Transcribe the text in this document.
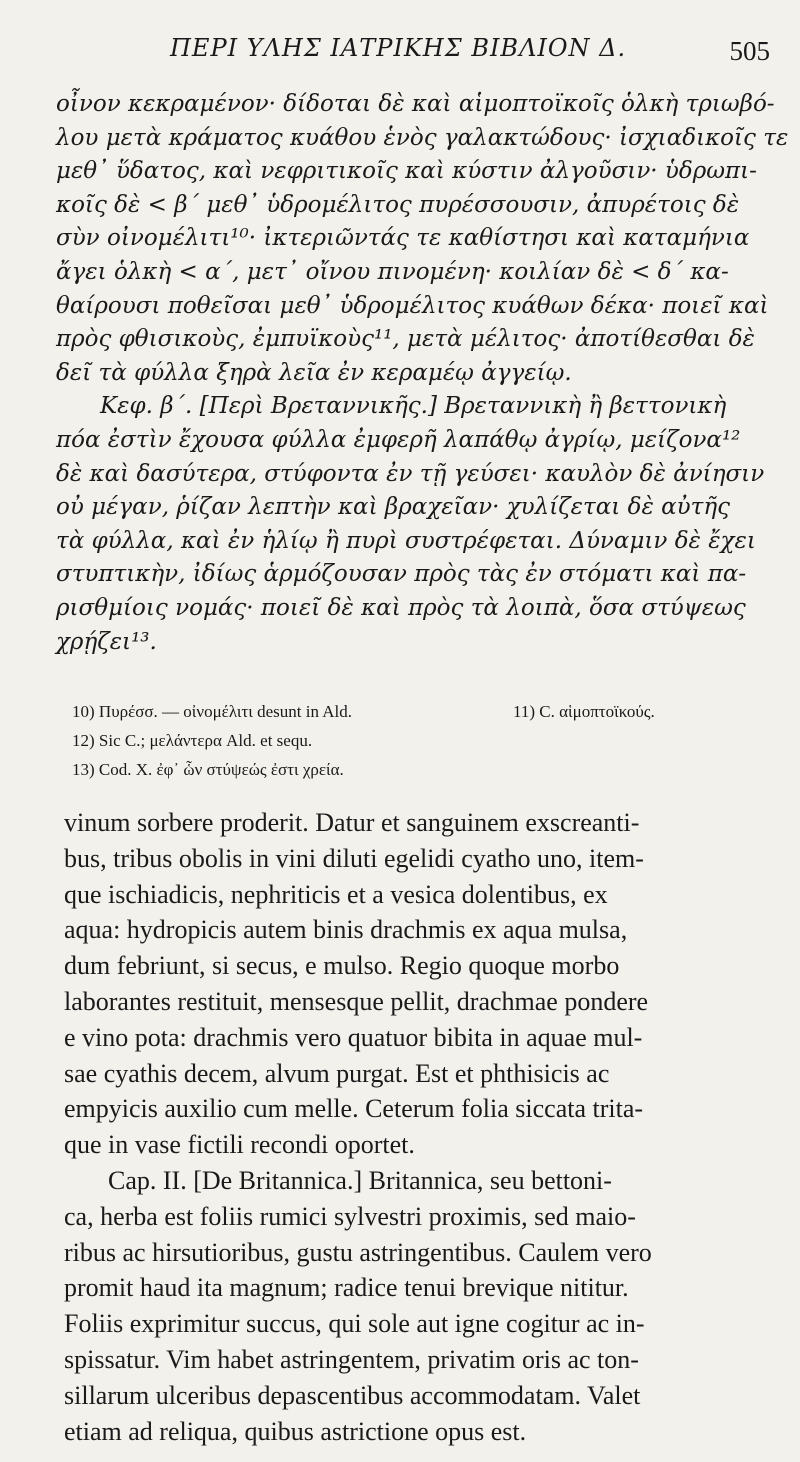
ΠΕΡΙ ΥΛΗΣ ΙΑΤΡΙΚΗΣ ΒΙΒΛΙΟΝ Δ.	505
οἶνον κεκραμένον· δίδοται δὲ καὶ αἱμοπτοϊκοῖς ὁλκὴ τριωβό-
λου μετὰ κράματος κυάθου ἑνὸς γαλακτώδους· ἰσχιαδικοῖς τε
μεθ᾽ ὕδατος, καὶ νεφριτικοῖς καὶ κύστιν ἀλγοῦσιν· ὑδρωπι-
κοῖς δὲ < β´ μεθ᾽ ὑδρομέλιτος πυρέσσουσιν, ἀπυρέτοις δὲ
σὺν οἰνομέλιτι¹⁰· ἰκτεριῶντάς τε καθίστησι καὶ καταμήνια
ἄγει ὁλκὴ < α´, μετ᾽ οἴνου πινομένη· κοιλίαν δὲ < δ´ κα-
θαίρουσι ποθεῖσαι μεθ᾽ ὑδρομέλιτος κυάθων δέκα· ποιεῖ καὶ
πρὸς φθισικοὺς, ἐμπυϊκοὺς¹¹, μετὰ μέλιτος· ἀποτίθεσθαι δὲ
δεῖ τὰ φύλλα ξηρὰ λεῖα ἐν κεραμέῳ ἀγγείῳ.
Κεφ. β´. [Περὶ Βρεταννικῆς.] Βρεταννικὴ ἢ βεττονικὴ
πόα ἐστὶν ἔχουσα φύλλα ἐμφερῆ λαπάθῳ ἀγρίῳ, μείζονα¹²
δὲ καὶ δασύτερα, στύφοντα ἐν τῇ γεύσει· καυλὸν δὲ ἀνίησιν
οὐ μέγαν, ῥίζαν λεπτὴν καὶ βραχεῖαν· χυλίζεται δὲ αὐτῆς
τὰ φύλλα, καὶ ἐν ἡλίῳ ἢ πυρὶ συστρέφεται. Δύναμιν δὲ ἔχει
στυπτικὴν, ἰδίως ἁρμόζουσαν πρὸς τὰς ἐν στόματι καὶ πα-
ρισθμίοις νομάς· ποιεῖ δὲ καὶ πρὸς τὰ λοιπὰ, ὅσα στύψεως
χρῄζει¹³.
10) Πυρέσσ. — οἰνομέλιτι desunt in Ald.	11) C. αἱμοπτοϊκούς.
12) Sic C.; μελάντερα Ald. et sequ.
13) Cod. X. ἐφ᾽ ὧν στύψεώς ἐστι χρεία.
vinum sorbere proderit. Datur et sanguinem exscreanti-
bus, tribus obolis in vini diluti egelidi cyatho uno, item-
que ischiadicis, nephriticis et a vesica dolentibus, ex
aqua: hydropicis autem binis drachmis ex aqua mulsa,
dum febriunt, si secus, e mulso. Regio quoque morbo
laborantes restituit, mensesque pellit, drachmae pondere
e vino pota: drachmis vero quatuor bibita in aquae mul-
sae cyathis decem, alvum purgat. Est et phthisicis ac
empyicis auxilio cum melle. Ceterum folia siccata trita-
que in vase fictili recondi oportet.
Cap. II. [De Britannica.] Britannica, seu bettoni-
ca, herba est foliis rumici sylvestri proximis, sed maio-
ribus ac hirsutioribus, gustu astringentibus. Caulem vero
promit haud ita magnum; radice tenui brevique nititur.
Foliis exprimitur succus, qui sole aut igne cogitur ac in-
spissatur. Vim habet astringentem, privatim oris ac ton-
sillarum ulceribus depascentibus accommodatam. Valet
etiam ad reliqua, quibus astrictione opus est.
